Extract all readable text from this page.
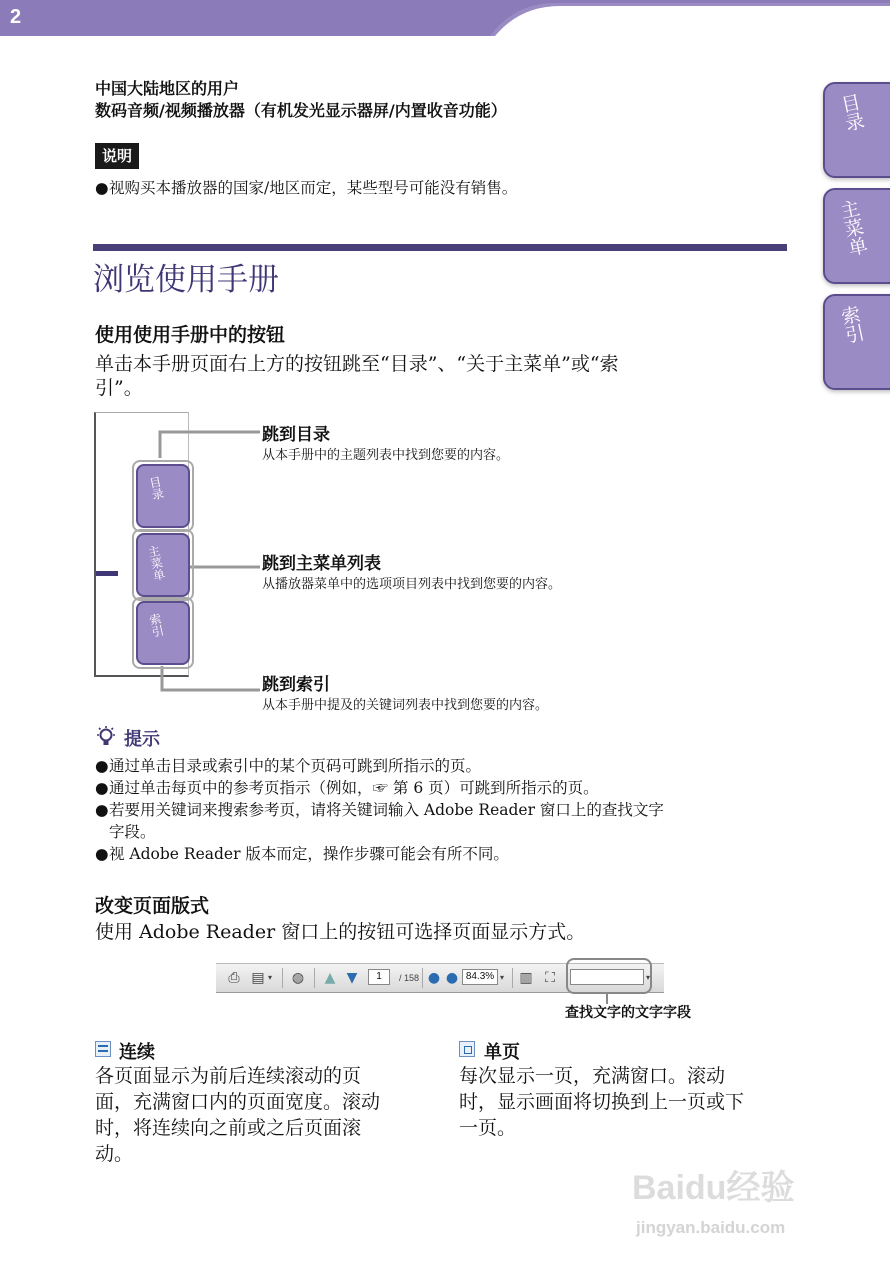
2
中国大陆地区的用户
数码音频/视频播放器（有机发光显示器屏/内置收音功能）
说明
●视购买本播放器的国家/地区而定，某些型号可能没有销售。
浏览使用手册
使用使用手册中的按钮
单击本手册页面右上方的按钮跳至“目录”、“关于主菜单”或“索
引”。
目录
主菜单
索引
目录
主菜单
索引
跳到目录
从本手册中的主题列表中找到您要的内容。
跳到主菜单列表
从播放器菜单中的选项项目列表中找到您要的内容。
跳到索引
从本手册中提及的关键词列表中找到您要的内容。
提示
●通过单击目录或索引中的某个页码可跳到所指示的页。
●通过单击每页中的参考页指示（例如，☞ 第 6 页）可跳到所指示的页。
●若要用关键词来搜索参考页，请将关键词输入 Adobe Reader 窗口上的查找文字
字段。
●视 Adobe Reader 版本而定，操作步骤可能会有所不同。
改变页面版式
使用 Adobe Reader 窗口上的按钮可选择页面显示方式。
⎙ ▤ ▾ ◍ ▲ ▼	1	/ 158 ● ● 84.3% ▾ ▥ ⛶	▾
查找文字的文字字段
连续
各页面显示为前后连续滚动的页
面，充满窗口内的页面宽度。滚动
时，将连续向之前或之后页面滚
动。
单页
每次显示一页，充满窗口。滚动
时，显示画面将切换到上一页或下
一页。
Baidu经验
jingyan.baidu.com
